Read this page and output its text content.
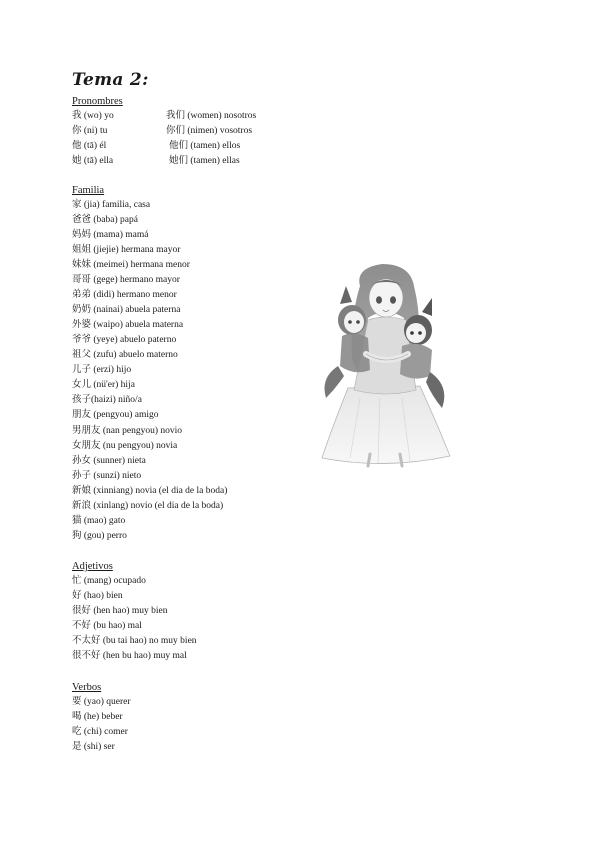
Tema 2:
Pronombres
我 (wo) yo	我们 (women) nosotros
你 (ni) tu	你们 (nimen) vosotros
他 (tā) él	他们 (tamen) ellos
她 (tā) ella	她们 (tamen) ellas
Familia
家 (jia) familia, casa
爸爸 (baba) papá
妈妈 (mama) mamá
姐姐 (jiejie) hermana mayor
妹妹 (meimei) hermana menor
哥哥 (gege) hermano mayor
弟弟 (didi) hermano menor
奶奶 (nainai) abuela paterna
外婆 (waipo) abuela materna
爷爷 (yeye) abuelo paterno
祖父 (zufu) abuelo materno
儿子 (erzi) hijo
女儿 (nü'er) hija
孩子(haizi) niño/a
朋友 (pengyou) amigo
男朋友 (nan pengyou) novio
女朋友 (nu pengyou) novia
孙女 (sunner) nieta
孙子 (sunzi) nieto
新娘 (xinniang) novia (el dia de la boda)
新浪 (xinlang) novio (el dia de la boda)
猫 (mao) gato
狗 (gou) perro
Adjetivos
忙 (mang) ocupado
好 (hao) bien
很好 (hen hao) muy bien
不好 (bu hao) mal
不太好 (bu tai hao) no muy bien
很不好 (hen bu hao) muy mal
Verbos
要 (yao) querer
喝 (he) beber
吃 (chi) comer
是 (shi) ser
